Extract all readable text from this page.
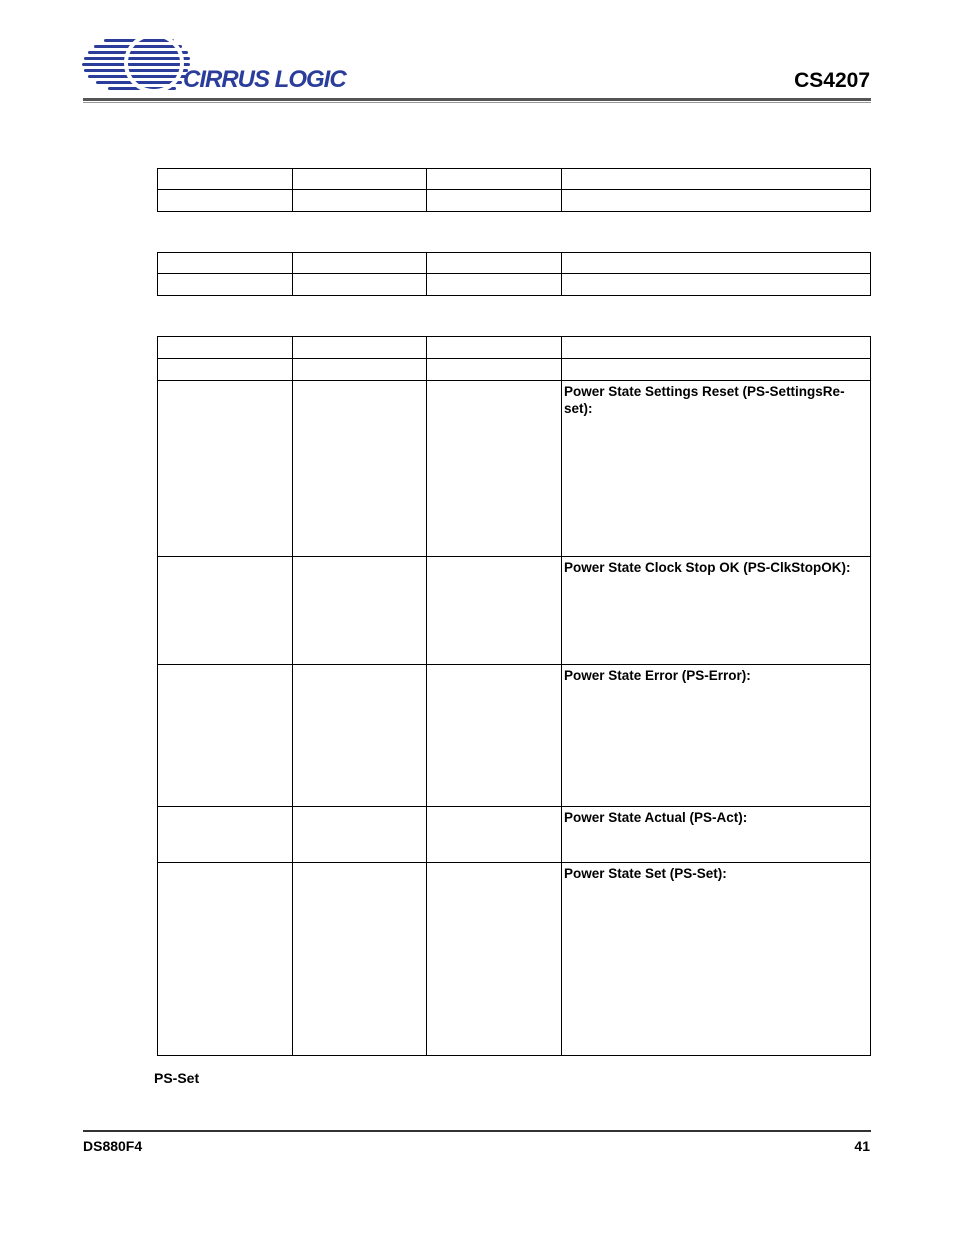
CIRRUS LOGIC	CS4207

			Power State Settings Reset (PS-SettingsRe-set):

			Power State Clock Stop OK (PS-ClkStopOK):

			Power State Error (PS-Error):

			Power State Actual (PS-Act):

			Power State Set (PS-Set):
PS-Set
DS880F4	41
